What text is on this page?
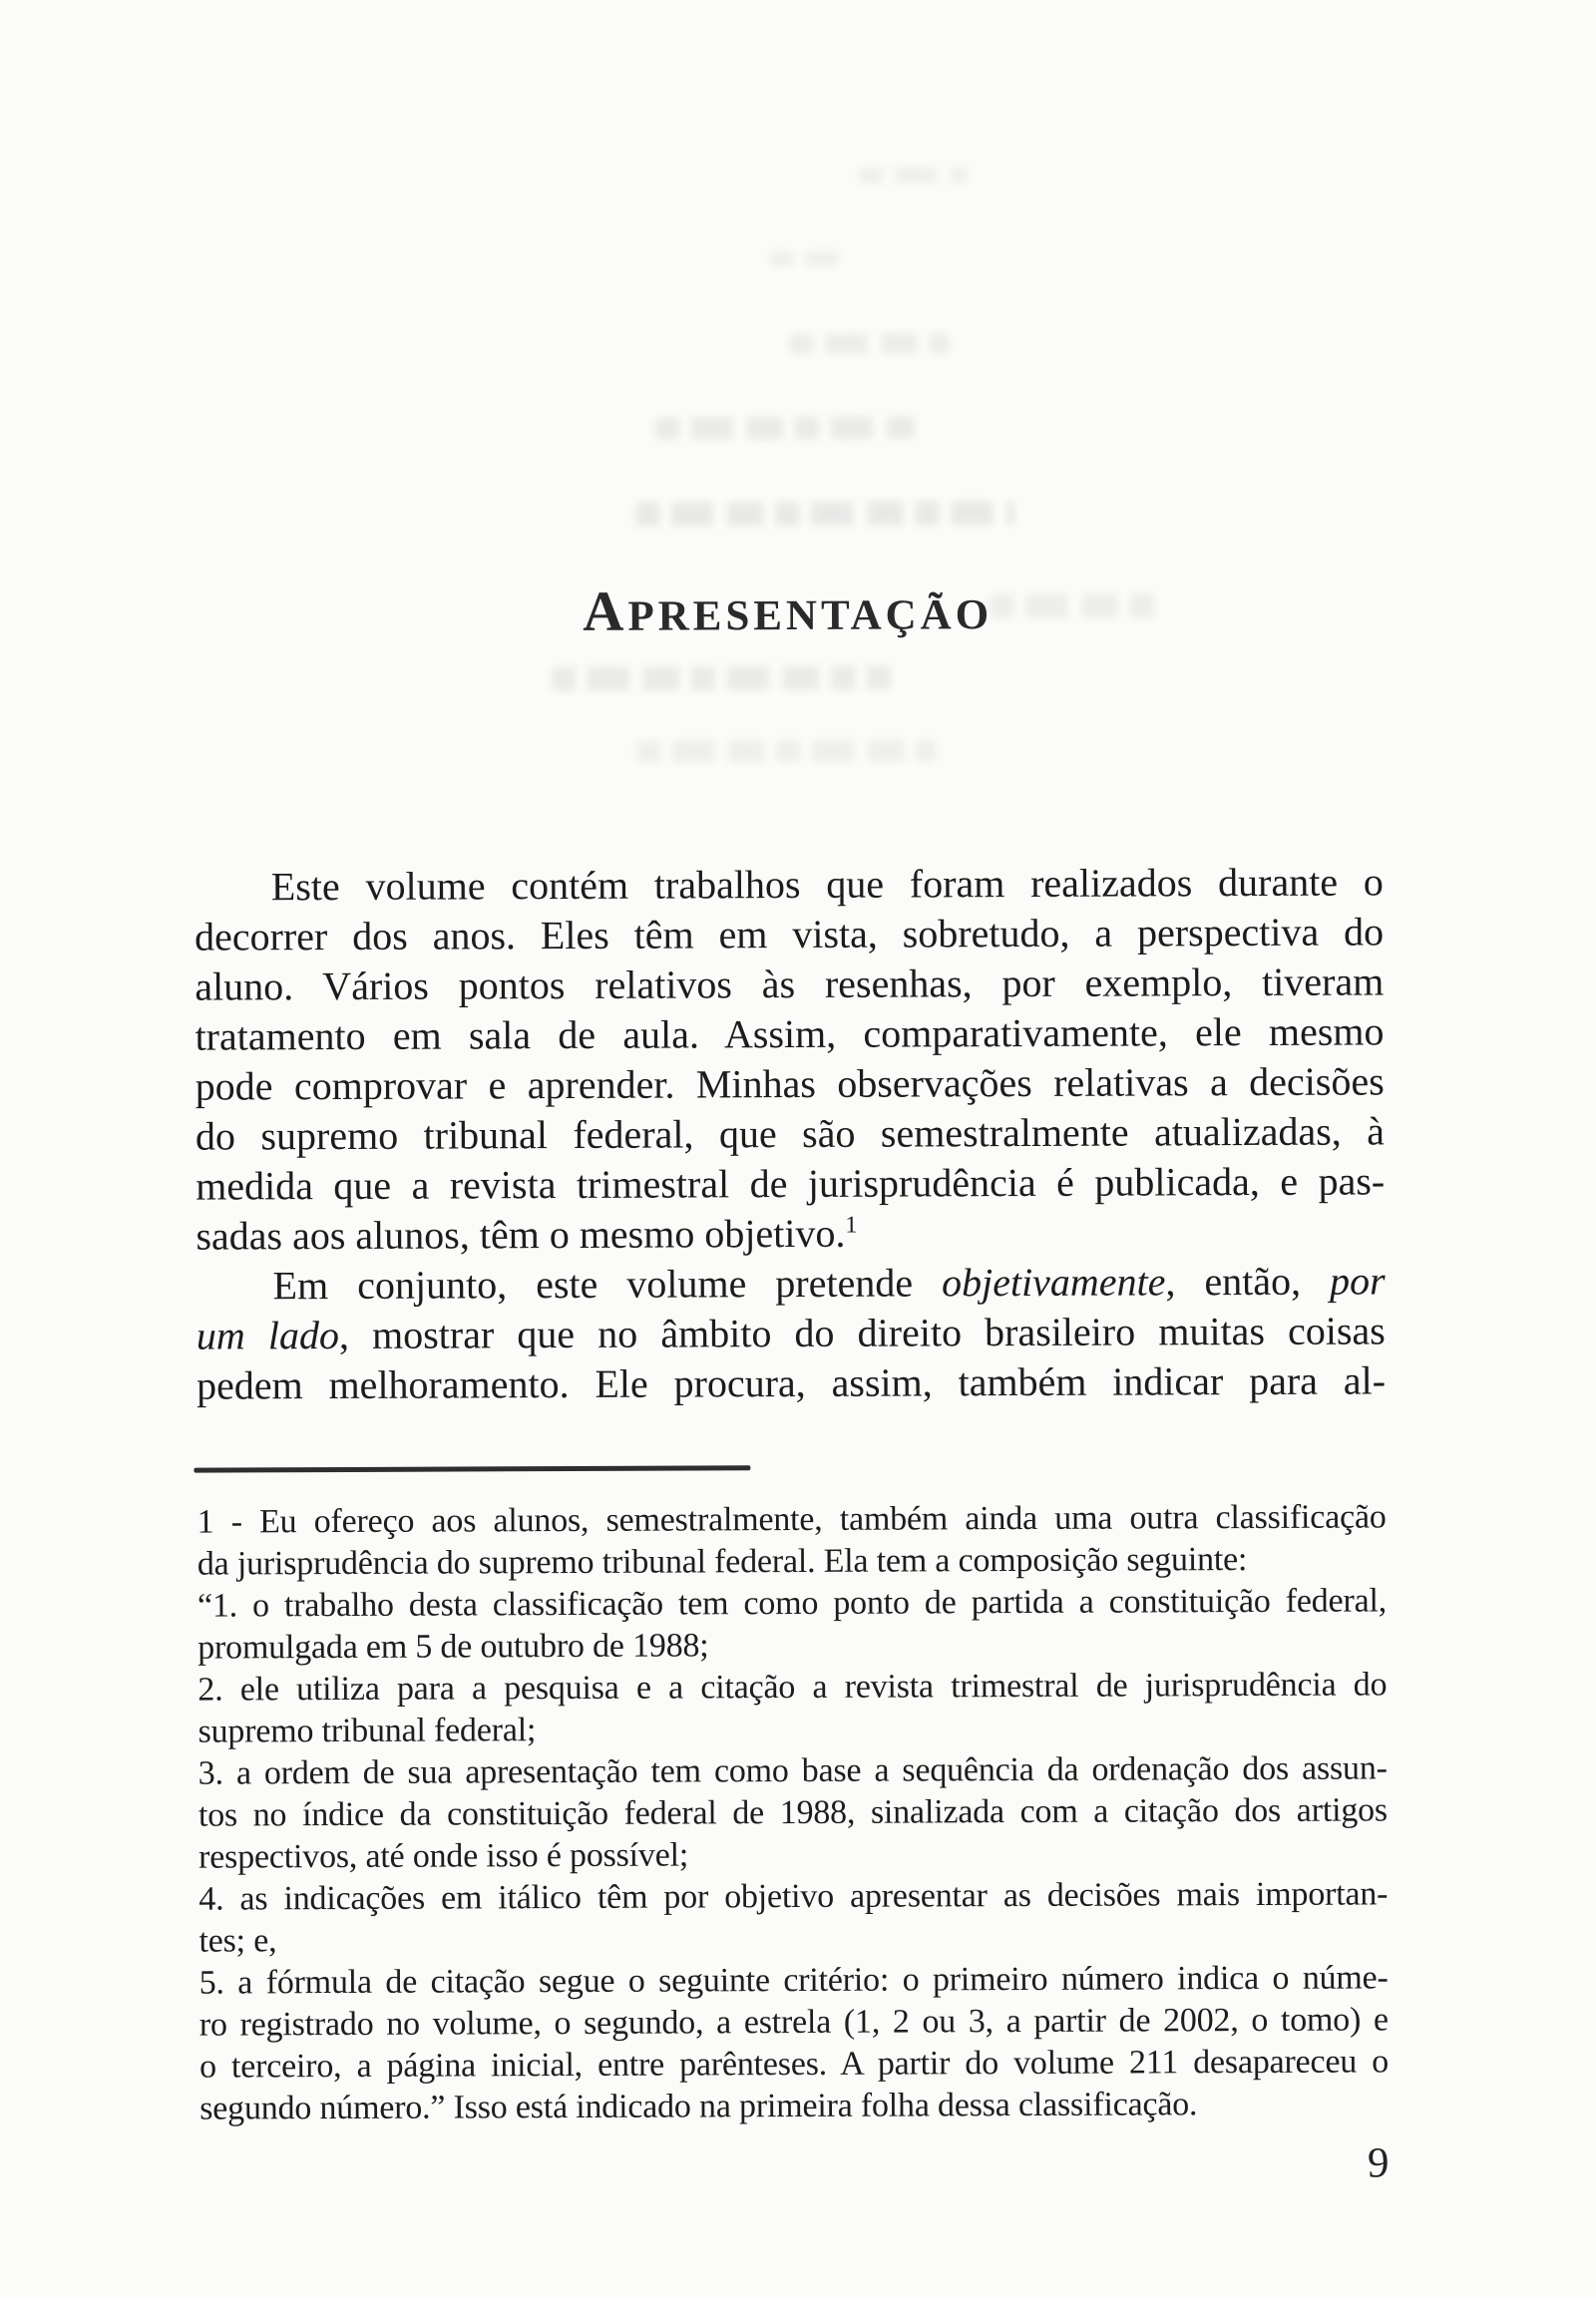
APRESENTAÇÃO
Este volume contém trabalhos que foram realizados durante o
decorrer dos anos. Eles têm em vista, sobretudo, a perspectiva do
aluno. Vários pontos relativos às resenhas, por exemplo, tiveram
tratamento em sala de aula. Assim, comparativamente, ele mesmo
pode comprovar e aprender. Minhas observações relativas a decisões
do supremo tribunal federal, que são semestralmente atualizadas, à
medida que a revista trimestral de jurisprudência é publicada, e pas-
sadas aos alunos, têm o mesmo objetivo.$^1$
Em conjunto, este volume pretende objetivamente, então, por
um lado, mostrar que no âmbito do direito brasileiro muitas coisas
pedem melhoramento. Ele procura, assim, também indicar para al-
1 - Eu ofereço aos alunos, semestralmente, também ainda uma outra classificação
da jurisprudência do supremo tribunal federal. Ela tem a composição seguinte:
“1. o trabalho desta classificação tem como ponto de partida a constituição federal,
promulgada em 5 de outubro de 1988;
2. ele utiliza para a pesquisa e a citação a revista trimestral de jurisprudência do
supremo tribunal federal;
3. a ordem de sua apresentação tem como base a sequência da ordenação dos assun-
tos no índice da constituição federal de 1988, sinalizada com a citação dos artigos
respectivos, até onde isso é possível;
4. as indicações em itálico têm por objetivo apresentar as decisões mais importan-
tes; e,
5. a fórmula de citação segue o seguinte critério: o primeiro número indica o núme-
ro registrado no volume, o segundo, a estrela (1, 2 ou 3, a partir de 2002, o tomo) e
o terceiro, a página inicial, entre parênteses. A partir do volume 211 desapareceu o
segundo número.” Isso está indicado na primeira folha dessa classificação.
9
